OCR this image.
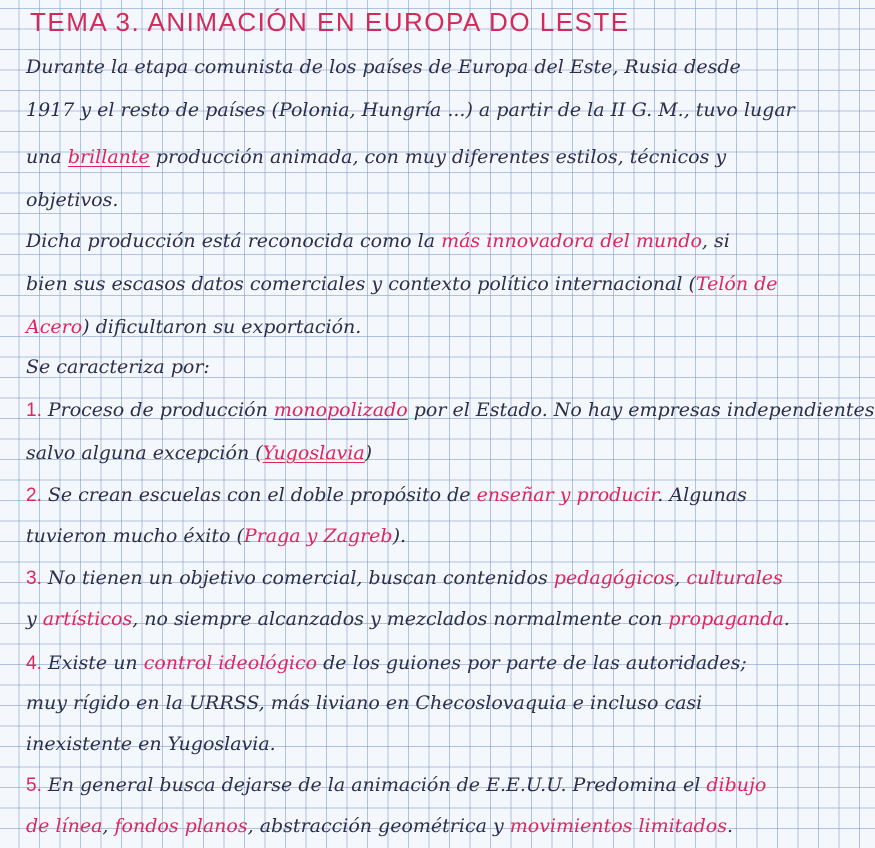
TEMA 3. ANIMACIÓN EN EUROPA DO LESTE
Durante la etapa comunista de los países de Europa del Este, Rusia desde
1917 y el resto de países (Polonia, Hungría ...) a partir de la II G. M., tuvo lugar
una brillante producción animada, con muy diferentes estilos, técnicos y
objetivos.
Dicha producción está reconocida como la más innovadora del mundo, si
bien sus escasos datos comerciales y contexto político internacional (Telón de
Acero) dificultaron su exportación.
Se caracteriza por:
1. Proceso de producción monopolizado por el Estado. No hay empresas independientes
salvo alguna excepción (Yugoslavia)
2. Se crean escuelas con el doble propósito de enseñar y producir. Algunas
tuvieron mucho éxito (Praga y Zagreb).
3. No tienen un objetivo comercial, buscan contenidos pedagógicos, culturales
y artísticos, no siempre alcanzados y mezclados normalmente con propaganda.
4. Existe un control ideológico de los guiones por parte de las autoridades;
muy rígido en la URRSS, más liviano en Checoslovaquia e incluso casi
inexistente en Yugoslavia.
5. En general busca dejarse de la animación de E.E.U.U. Predomina el dibujo
de línea, fondos planos, abstracción geométrica y movimientos limitados.
